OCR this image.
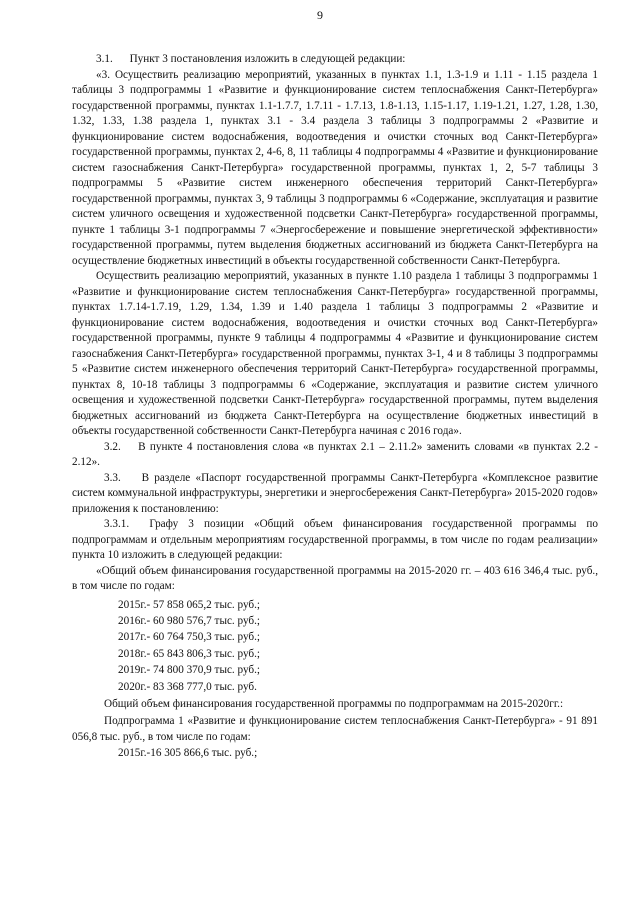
9

3.1.      Пункт 3 постановления изложить в следующей редакции:

«3. Осуществить реализацию мероприятий, указанных в пунктах 1.1, 1.3-1.9 и 1.11 - 1.15 раздела 1 таблицы 3 подпрограммы 1 «Развитие и функционирование систем теплоснабжения Санкт-Петербурга» государственной программы, пунктах 1.1-1.7.7, 1.7.11 - 1.7.13, 1.8-1.13, 1.15-1.17, 1.19-1.21, 1.27, 1.28, 1.30, 1.32, 1.33, 1.38 раздела 1, пунктах 3.1 - 3.4 раздела 3 таблицы 3 подпрограммы 2 «Развитие и функционирование систем водоснабжения, водоотведения и очистки сточных вод Санкт-Петербурга» государственной программы, пунктах 2, 4-6, 8, 11 таблицы 4 подпрограммы 4 «Развитие и функционирование систем газоснабжения Санкт-Петербурга» государственной программы, пунктах 1, 2, 5-7 таблицы 3 подпрограммы 5 «Развитие систем инженерного обеспечения территорий Санкт-Петербурга» государственной программы, пунктах 3, 9 таблицы 3 подпрограммы 6 «Содержание, эксплуатация и развитие систем уличного освещения и художественной подсветки Санкт-Петербурга» государственной программы, пункте 1 таблицы 3-1 подпрограммы 7 «Энергосбережение и повышение энергетической эффективности» государственной программы, путем выделения бюджетных ассигнований из бюджета Санкт-Петербурга на осуществление бюджетных инвестиций в объекты государственной собственности Санкт-Петербурга.

Осуществить реализацию мероприятий, указанных в пункте 1.10 раздела 1 таблицы 3 подпрограммы 1 «Развитие и функционирование систем теплоснабжения Санкт-Петербурга» государственной программы, пунктах 1.7.14-1.7.19, 1.29, 1.34, 1.39 и 1.40 раздела 1 таблицы 3 подпрограммы 2 «Развитие и функционирование систем водоснабжения, водоотведения и очистки сточных вод Санкт-Петербурга» государственной программы, пункте 9 таблицы 4 подпрограммы 4 «Развитие и функционирование систем газоснабжения Санкт-Петербурга» государственной программы, пунктах 3-1, 4 и 8 таблицы 3 подпрограммы 5 «Развитие систем инженерного обеспечения территорий Санкт-Петербурга» государственной программы, пунктах 8, 10-18 таблицы 3 подпрограммы 6 «Содержание, эксплуатация и развитие систем уличного освещения и художественной подсветки Санкт-Петербурга» государственной программы, путем выделения бюджетных ассигнований из бюджета Санкт-Петербурга на осуществление бюджетных инвестиций в объекты государственной собственности Санкт-Петербурга начиная с 2016 года».

3.2.    В пункте 4 постановления слова «в пунктах 2.1 – 2.11.2» заменить словами «в пунктах 2.2 - 2.12».

3.3.    В разделе «Паспорт государственной программы Санкт-Петербурга «Комплексное развитие систем коммунальной инфраструктуры, энергетики и энергосбережения Санкт-Петербурга» 2015-2020 годов» приложения к постановлению:

3.3.1.  Графу 3 позиции «Общий объем финансирования государственной программы по подпрограммам и отдельным мероприятиям государственной программы, в том числе по годам реализации» пункта 10 изложить в следующей редакции:

«Общий объем финансирования государственной программы на 2015-2020 гг. – 403 616 346,4 тыс. руб., в том числе по годам:

2015г.- 57 858 065,2 тыс. руб.;

2016г.- 60 980 576,7 тыс. руб.;

2017г.- 60 764 750,3 тыс. руб.;

2018г.- 65 843 806,3 тыс. руб.;

2019г.- 74 800 370,9 тыс. руб.;

2020г.- 83 368 777,0 тыс. руб.

Общий объем финансирования государственной программы по подпрограммам на 2015-2020гг.:

Подпрограмма 1 «Развитие и функционирование систем теплоснабжения Санкт-Петербурга» - 91 891 056,8 тыс. руб., в том числе по годам:

2015г.-16 305 866,6 тыс. руб.;
